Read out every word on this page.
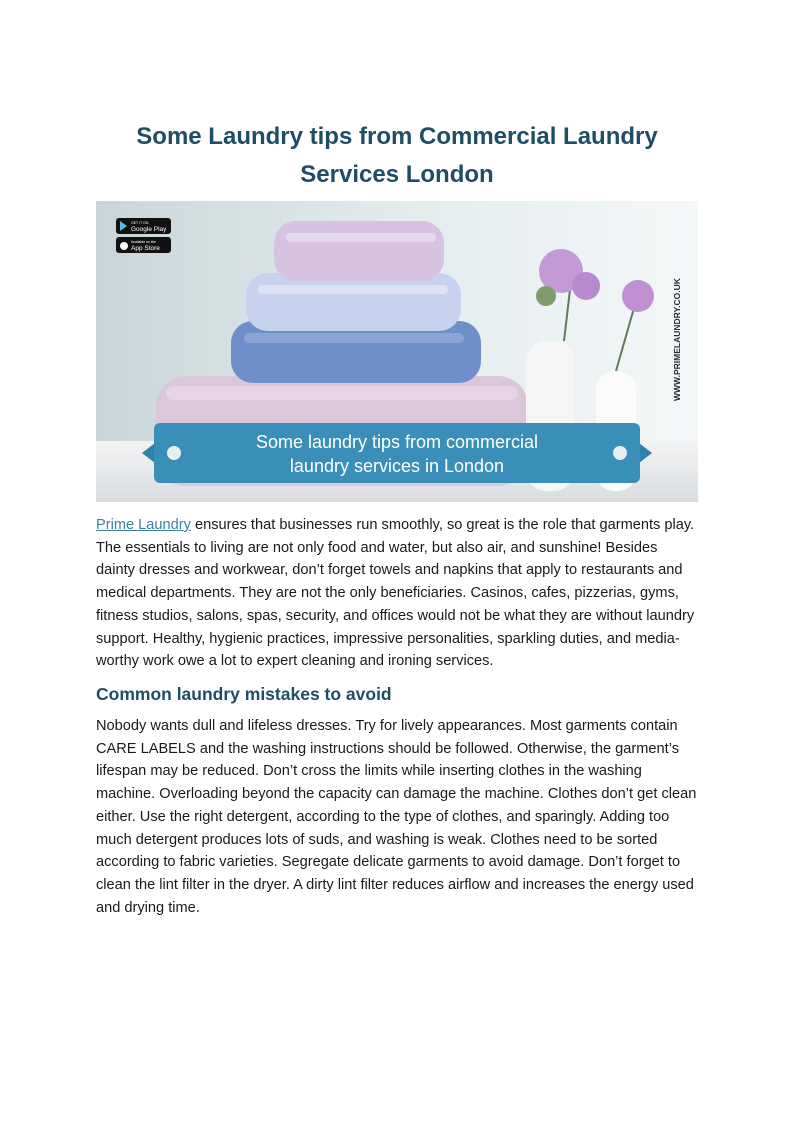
Some Laundry tips from Commercial Laundry Services London
Some laundry tips from commercial
laundry services in London
GET IT ON
Google Play
Available on the
App Store
WWW.PRIMELAUNDRY.CO.UK

Prime Laundry ensures that businesses run smoothly, so great is the role that garments play. The essentials to living are not only food and water, but also air, and sunshine! Besides dainty dresses and workwear, don’t forget towels and napkins that apply to restaurants and medical departments. They are not the only beneficiaries. Casinos, cafes, pizzerias, gyms, fitness studios, salons, spas, security, and offices would not be what they are without laundry support. Healthy, hygienic practices, impressive personalities, sparkling duties, and media-worthy work owe a lot to expert cleaning and ironing services.

Common laundry mistakes to avoid

Nobody wants dull and lifeless dresses. Try for lively appearances. Most garments contain CARE LABELS and the washing instructions should be followed. Otherwise, the garment’s lifespan may be reduced. Don’t cross the limits while inserting clothes in the washing machine. Overloading beyond the capacity can damage the machine. Clothes don’t get clean either. Use the right detergent, according to the type of clothes, and sparingly. Adding too much detergent produces lots of suds, and washing is weak. Clothes need to be sorted according to fabric varieties. Segregate delicate garments to avoid damage. Don’t forget to clean the lint filter in the dryer. A dirty lint filter reduces airflow and increases the energy used and drying time.
